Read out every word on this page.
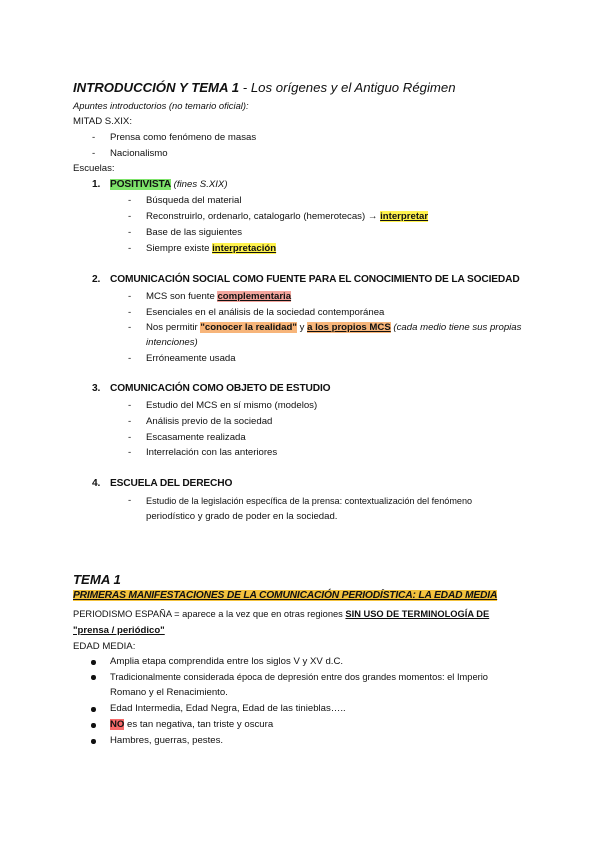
INTRODUCCIÓN Y TEMA 1 - Los orígenes y el Antiguo Régimen
Apuntes introductorios (no temario oficial):
MITAD S.XIX:
- Prensa como fenómeno de masas
- Nacionalismo
Escuelas:
1. POSITIVISTA (fines S.XIX)
- Búsqueda del material
- Reconstruirlo, ordenarlo, catalogarlo (hemerotecas) → interpretar
- Base de las siguientes
- Siempre existe interpretación
2. COMUNICACIÓN SOCIAL COMO FUENTE PARA EL CONOCIMIENTO DE LA SOCIEDAD
- MCS son fuente complementaria
- Esenciales en el análisis de la sociedad contemporánea
- Nos permitir "conocer la realidad" y a los propios MCS (cada medio tiene sus propias
intenciones)
- Erróneamente usada
3. COMUNICACIÓN COMO OBJETO DE ESTUDIO
- Estudio del MCS en sí mismo (modelos)
- Análisis previo de la sociedad
- Escasamente realizada
- Interrelación con las anteriores
4. ESCUELA DEL DERECHO
- Estudio de la legislación específica de la prensa: contextualización del fenómeno
periodístico y grado de poder en la sociedad.
TEMA 1
PRIMERAS MANIFESTACIONES DE LA COMUNICACIÓN PERIODÍSTICA: LA EDAD MEDIA
PERIODISMO ESPAÑA = aparece a la vez que en otras regiones SIN USO DE TERMINOLOGÍA DE
"prensa / periódico"
EDAD MEDIA:
Amplia etapa comprendida entre los siglos V y XV d.C.
Tradicionalmente considerada época de depresión entre dos grandes momentos: el Imperio
Romano y el Renacimiento.
Edad Intermedia, Edad Negra, Edad de las tinieblas…..
NO es tan negativa, tan triste y oscura
Hambres, guerras, pestes.
